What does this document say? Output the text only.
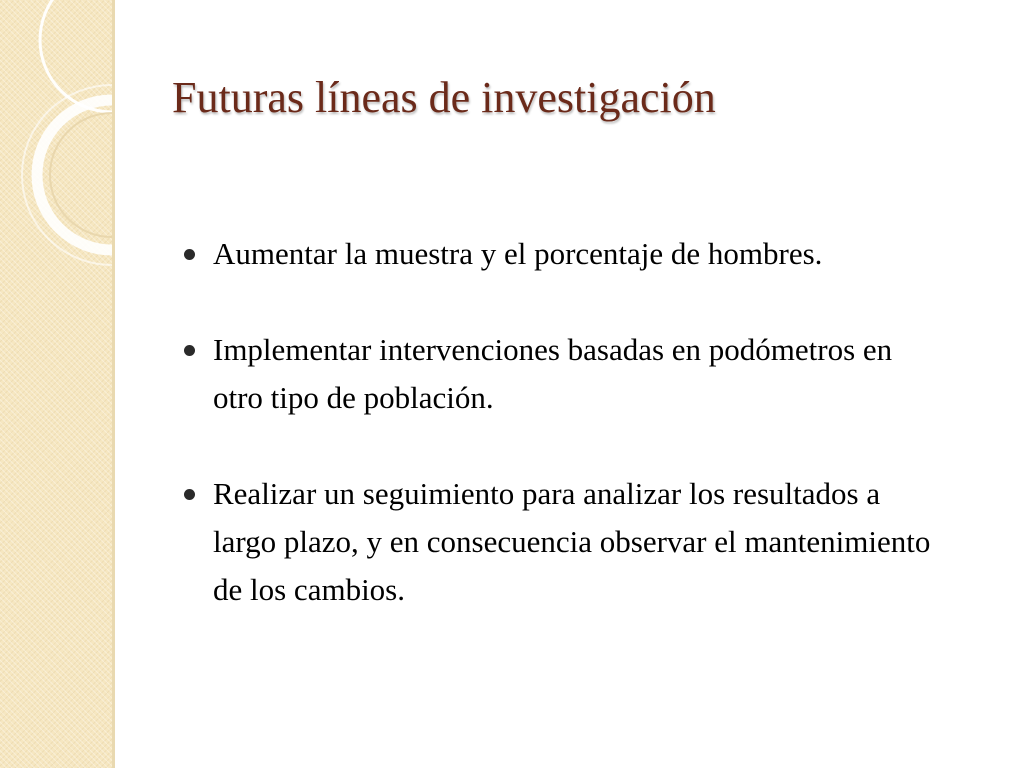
Futuras líneas de investigación
Aumentar la muestra y el porcentaje de hombres.
Implementar intervenciones basadas en podómetros en otro tipo de población.
Realizar un seguimiento para analizar los resultados a largo plazo, y en consecuencia observar el mantenimiento de los cambios.
